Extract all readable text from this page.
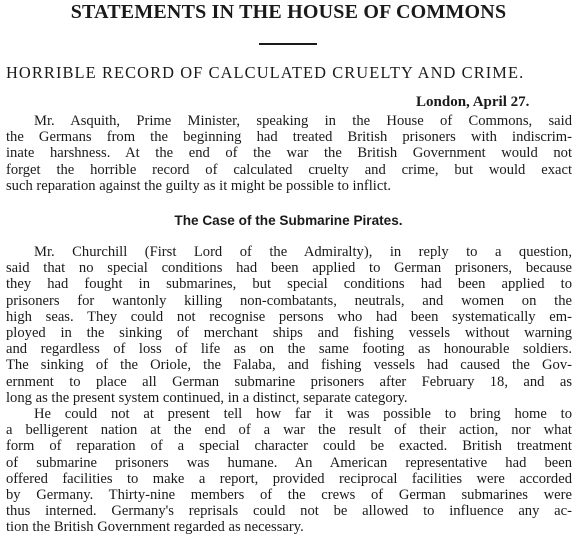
STATEMENTS IN THE HOUSE OF COMMONS
HORRIBLE RECORD OF CALCULATED CRUELTY AND CRIME.
London, April 27.
Mr. Asquith, Prime Minister, speaking in the House of Commons, said
the Germans from the beginning had treated British prisoners with indiscrim-
inate harshness. At the end of the war the British Government would not
forget the horrible record of calculated cruelty and crime, but would exact
such reparation against the guilty as it might be possible to inflict.
The Case of the Submarine Pirates.
Mr. Churchill (First Lord of the Admiralty), in reply to a question,
said that no special conditions had been applied to German prisoners, because
they had fought in submarines, but special conditions had been applied to
prisoners for wantonly killing non-combatants, neutrals, and women on the
high seas. They could not recognise persons who had been systematically em-
ployed in the sinking of merchant ships and fishing vessels without warning
and regardless of loss of life as on the same footing as honourable soldiers.
The sinking of the Oriole, the Falaba, and fishing vessels had caused the Gov-
ernment to place all German submarine prisoners after February 18, and as
long as the present system continued, in a distinct, separate category.
He could not at present tell how far it was possible to bring home to
a belligerent nation at the end of a war the result of their action, nor what
form of reparation of a special character could be exacted. British treatment
of submarine prisoners was humane. An American representative had been
offered facilities to make a report, provided reciprocal facilities were accorded
by Germany. Thirty-nine members of the crews of German submarines were
thus interned. Germany's reprisals could not be allowed to influence any ac-
tion the British Government regarded as necessary.
